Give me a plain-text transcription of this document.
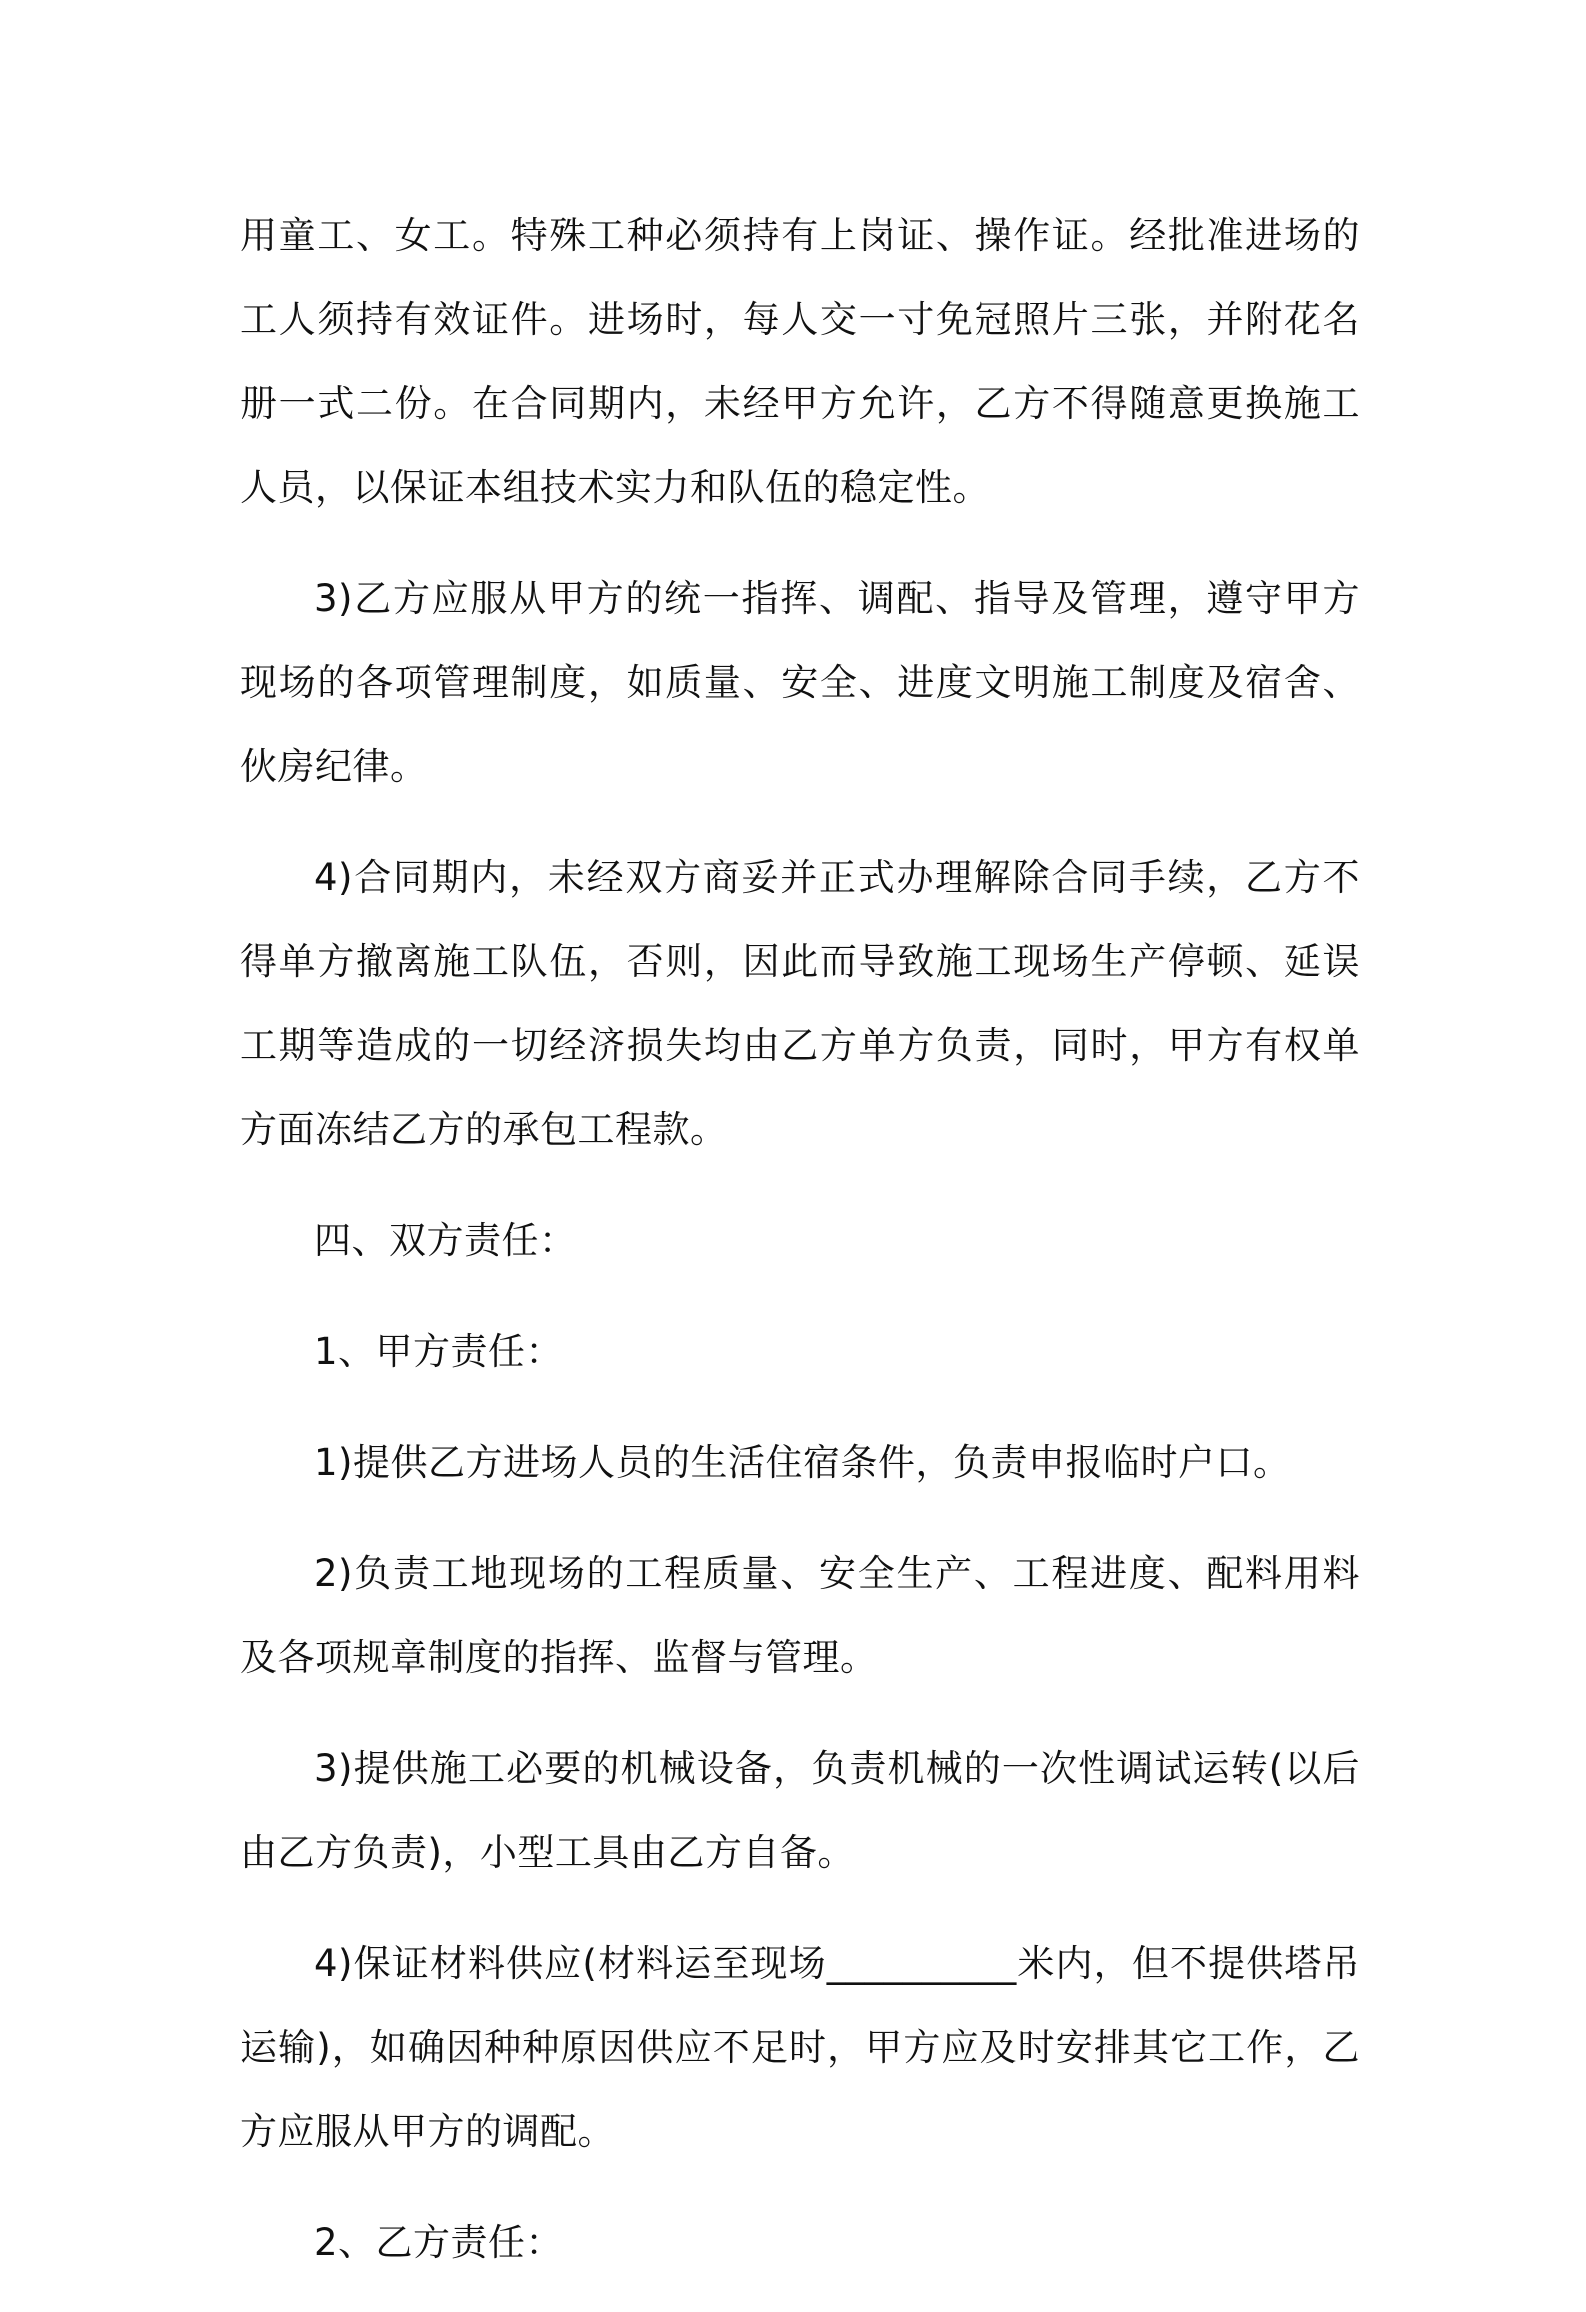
用童工、女工。特殊工种必须持有上岗证、操作证。经批准进场的工人须持有效证件。进场时，每人交一寸免冠照片三张，并附花名册一式二份。在合同期内，未经甲方允许，乙方不得随意更换施工人员，以保证本组技术实力和队伍的稳定性。

3)乙方应服从甲方的统一指挥、调配、指导及管理，遵守甲方现场的各项管理制度，如质量、安全、进度文明施工制度及宿舍、伙房纪律。

4)合同期内，未经双方商妥并正式办理解除合同手续，乙方不得单方撤离施工队伍，否则，因此而导致施工现场生产停顿、延误工期等造成的一切经济损失均由乙方单方负责，同时，甲方有权单方面冻结乙方的承包工程款。

四、双方责任：

1、甲方责任：

1)提供乙方进场人员的生活住宿条件，负责申报临时户口。

2)负责工地现场的工程质量、安全生产、工程进度、配料用料及各项规章制度的指挥、监督与管理。

3)提供施工必要的机械设备，负责机械的一次性调试运转(以后由乙方负责)，小型工具由乙方自备。

4)保证材料供应(材料运至现场__________米内，但不提供塔吊运输)，如确因种种原因供应不足时，甲方应及时安排其它工作，乙方应服从甲方的调配。

2、乙方责任：
